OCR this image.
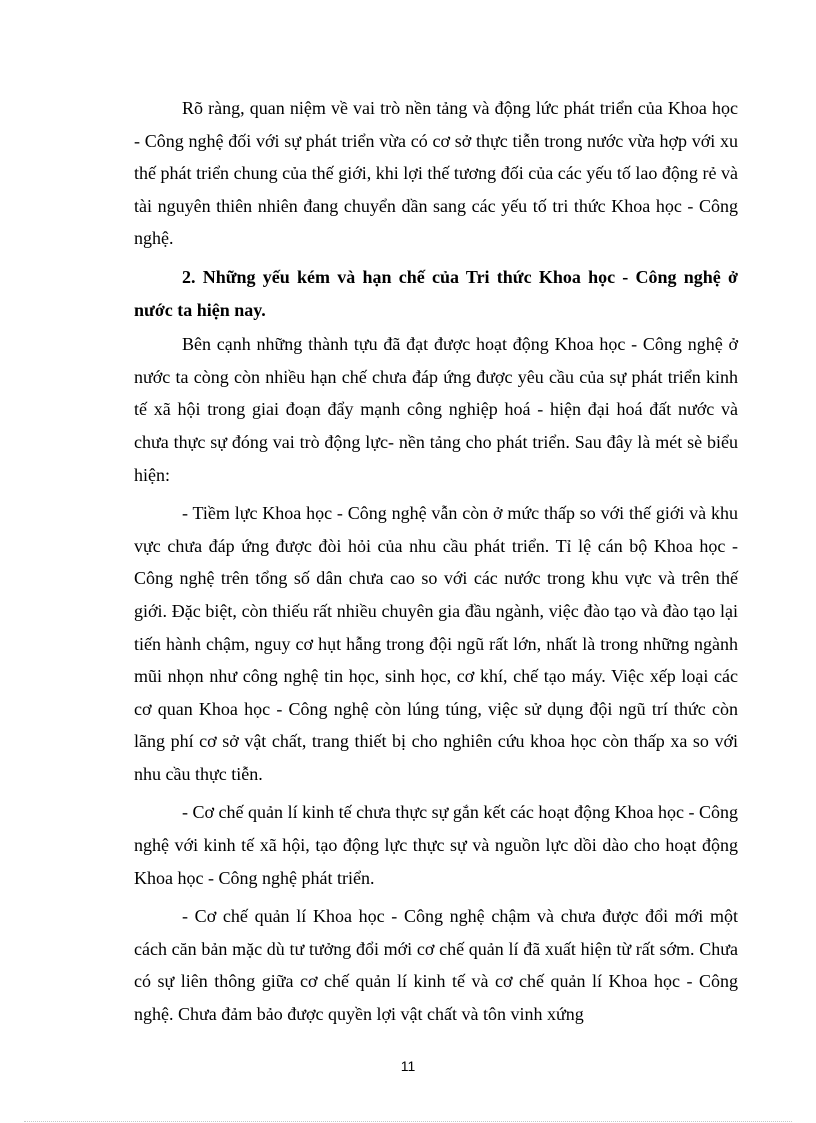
Rõ ràng, quan niệm về vai trò nền tảng và động lức phát triển của Khoa học - Công nghệ đối với sự phát triển vừa có cơ sở thực tiễn trong nước vừa hợp với xu thế phát triển chung của thế giới, khi lợi thế tương đối của các yếu tố lao động rẻ và tài nguyên thiên nhiên đang chuyển dần sang các yếu tố tri thức Khoa học - Công nghệ.

2. Những yếu kém và hạn chế của Tri thức Khoa học - Công nghệ ở nước ta hiện nay.

Bên cạnh những thành tựu đã đạt được hoạt động Khoa học - Công nghệ ở nước ta còng còn nhiều hạn chế chưa đáp ứng được yêu cầu của sự phát triển kinh tế xã hội trong giai đoạn đẩy mạnh công nghiệp hoá - hiện đại hoá đất nước và chưa thực sự đóng vai trò động lực- nền tảng cho phát triển. Sau đây là mét sè biểu hiện:

- Tiềm lực Khoa học - Công nghệ vẫn còn ở mức thấp so với thế giới và khu vực chưa đáp ứng được đòi hỏi của nhu cầu phát triển. Tỉ lệ cán bộ Khoa học - Công nghệ trên tổng số dân chưa cao so với các nước trong khu vực và trên thế giới. Đặc biệt, còn thiếu rất nhiều chuyên gia đầu ngành, việc đào tạo và đào tạo lại tiến hành chậm, nguy cơ hụt hẫng trong đội ngũ rất lớn, nhất là trong những ngành mũi nhọn như công nghệ tin học, sinh học, cơ khí, chế tạo máy. Việc xếp loại các cơ quan Khoa học - Công nghệ còn lúng túng, việc sử dụng đội ngũ trí thức còn lãng phí cơ sở vật chất, trang thiết bị cho nghiên cứu khoa học còn thấp xa so với nhu cầu thực tiễn.

- Cơ chế quản lí kinh tế chưa thực sự gắn kết các hoạt động Khoa học - Công nghệ với kinh tế xã hội, tạo động lực thực sự và nguồn lực dồi dào cho hoạt động Khoa học - Công nghệ phát triển.

- Cơ chế quản lí Khoa học - Công nghệ chậm và chưa được đổi mới một cách căn bản mặc dù tư tưởng đổi mới cơ chế quản lí đã xuất hiện từ rất sớm. Chưa có sự liên thông giữa cơ chế quản lí kinh tế và cơ chế quản lí Khoa học - Công nghệ. Chưa đảm bảo được quyền lợi vật chất và tôn vinh xứng

11
